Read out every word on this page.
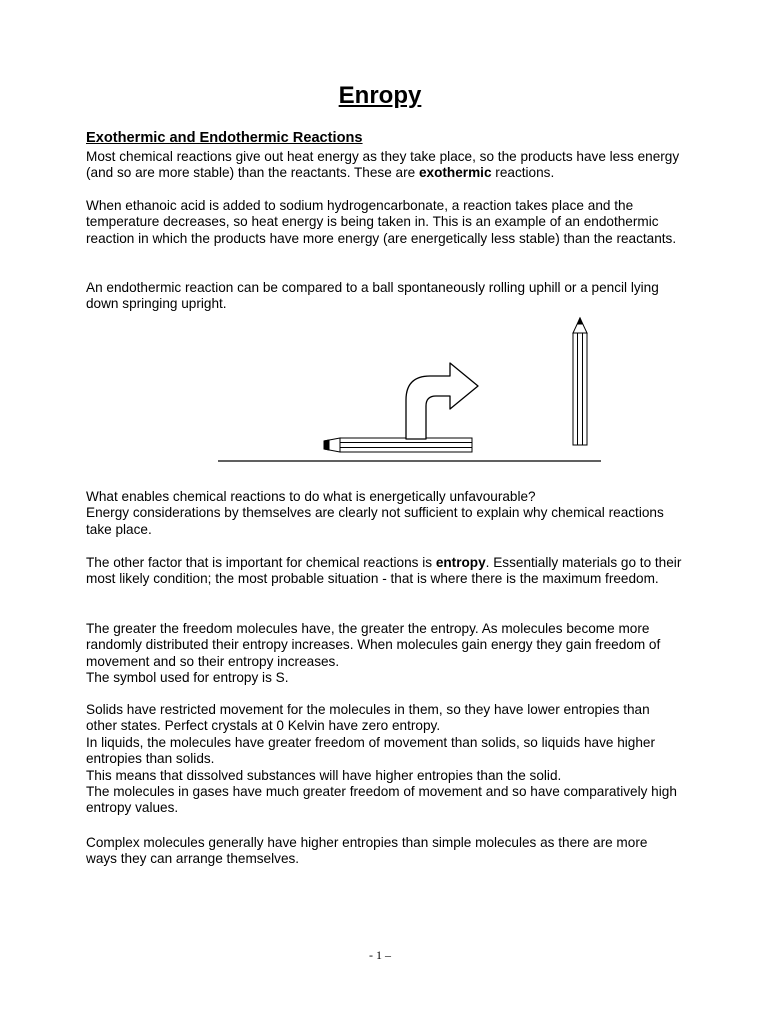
Enropy
Exothermic and Endothermic Reactions

Most chemical reactions give out heat energy as they take place, so the products have less energy (and so are more stable) than the reactants. These are exothermic reactions.

When ethanoic acid is added to sodium hydrogencarbonate, a reaction takes place and the temperature decreases, so heat energy is being taken in. This is an example of an endothermic reaction in which the products have more energy (are energetically less stable) than the reactants.

An endothermic reaction can be compared to a ball spontaneously rolling uphill or a pencil lying down springing upright.

What enables chemical reactions to do what is energetically unfavourable?
Energy considerations by themselves are clearly not sufficient to explain why chemical reactions take place.

The other factor that is important for chemical reactions is entropy. Essentially materials go to their most likely condition; the most probable situation - that is where there is the maximum freedom.

The greater the freedom molecules have, the greater the entropy. As molecules become more randomly distributed their entropy increases. When molecules gain energy they gain freedom of movement and so their entropy increases.
The symbol used for entropy is S.

Solids have restricted movement for the molecules in them, so they have lower entropies than other states. Perfect crystals at 0 Kelvin have zero entropy.
In liquids, the molecules have greater freedom of movement than solids, so liquids have higher entropies than solids.
This means that dissolved substances will have higher entropies than the solid.
The molecules in gases have much greater freedom of movement and so have comparatively high entropy values.

Complex molecules generally have higher entropies than simple molecules as there are more ways they can arrange themselves.

- 1 –
